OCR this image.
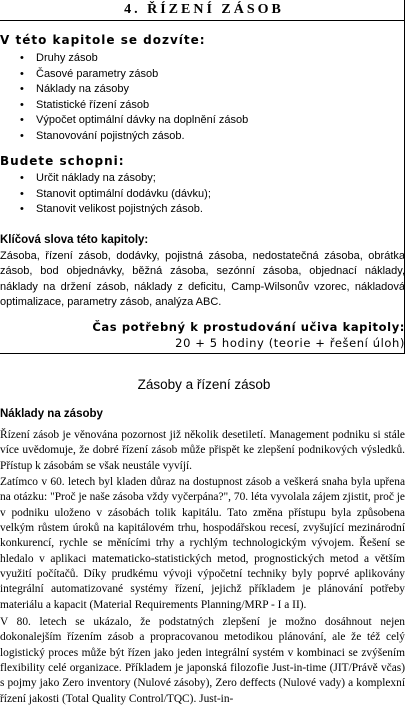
4. ŘÍZENÍ ZÁSOB
V této kapitole se dozvíte:
• Druhy zásob
• Časové parametry zásob
• Náklady na zásoby
• Statistické řízení zásob
• Výpočet optimální dávky na doplnění zásob
• Stanovování pojistných zásob.
Budete schopni:
• Určit náklady na zásoby;
• Stanovit optimální dodávku (dávku);
• Stanovit velikost pojistných zásob.
Klíčová slova této kapitoly:
Zásoba, řízení zásob, dodávky, pojistná zásoba, nedostatečná zásoba, obrátka zásob, bod objednávky, běžná zásoba, sezónní zásoba, objednací náklady, náklady na držení zásob, náklady z deficitu, Camp-Wilsonův vzorec, nákladová optimalizace, parametry zásob, analýza ABC.
Čas potřebný k prostudování učiva kapitoly:
20 + 5 hodiny (teorie + řešení úloh)
Zásoby a řízení zásob
Náklady na zásoby
Řízení zásob je věnována pozornost již několik desetiletí. Management podniku si stále více uvědomuje, že dobré řízení zásob může přispět ke zlepšení podnikových výsledků. Přístup k zásobám se však neustále vyvíjí.
Zatímco v 60. letech byl kladen důraz na dostupnost zásob a veškerá snaha byla upřena na otázku: "Proč je naše zásoba vždy vyčerpána?", 70. léta vyvolala zájem zjistit, proč je v podniku uloženo v zásobách tolik kapitálu. Tato změna přístupu byla způsobena velkým růstem úroků na kapitálovém trhu, hospodářskou recesí, zvyšující mezinárodní konkurencí, rychle se měnícími trhy a rychlým technologickým vývojem. Řešení se hledalo v aplikaci matematicko-statistických metod, prognostických metod a větším využití počítačů. Díky prudkému vývoji výpočetní techniky byly poprvé aplikovány integrální automatizované systémy řízení, jejichž příkladem je plánování potřeby materiálu a kapacit (Material Requirements Planning/MRP - I a II).
V 80. letech se ukázalo, že podstatných zlepšení je možno dosáhnout nejen dokonalejším řízením zásob a propracovanou metodikou plánování, ale že též celý logistický proces může být řízen jako jeden integrální systém v kombinaci se zvýšením flexibility celé organizace. Příkladem je japonská filozofie Just-in-time (JIT/Právě včas) s pojmy jako Zero inventory (Nulové zásoby), Zero deffects (Nulové vady) a komplexní řízení jakosti (Total Quality Control/TQC). Just-in-
